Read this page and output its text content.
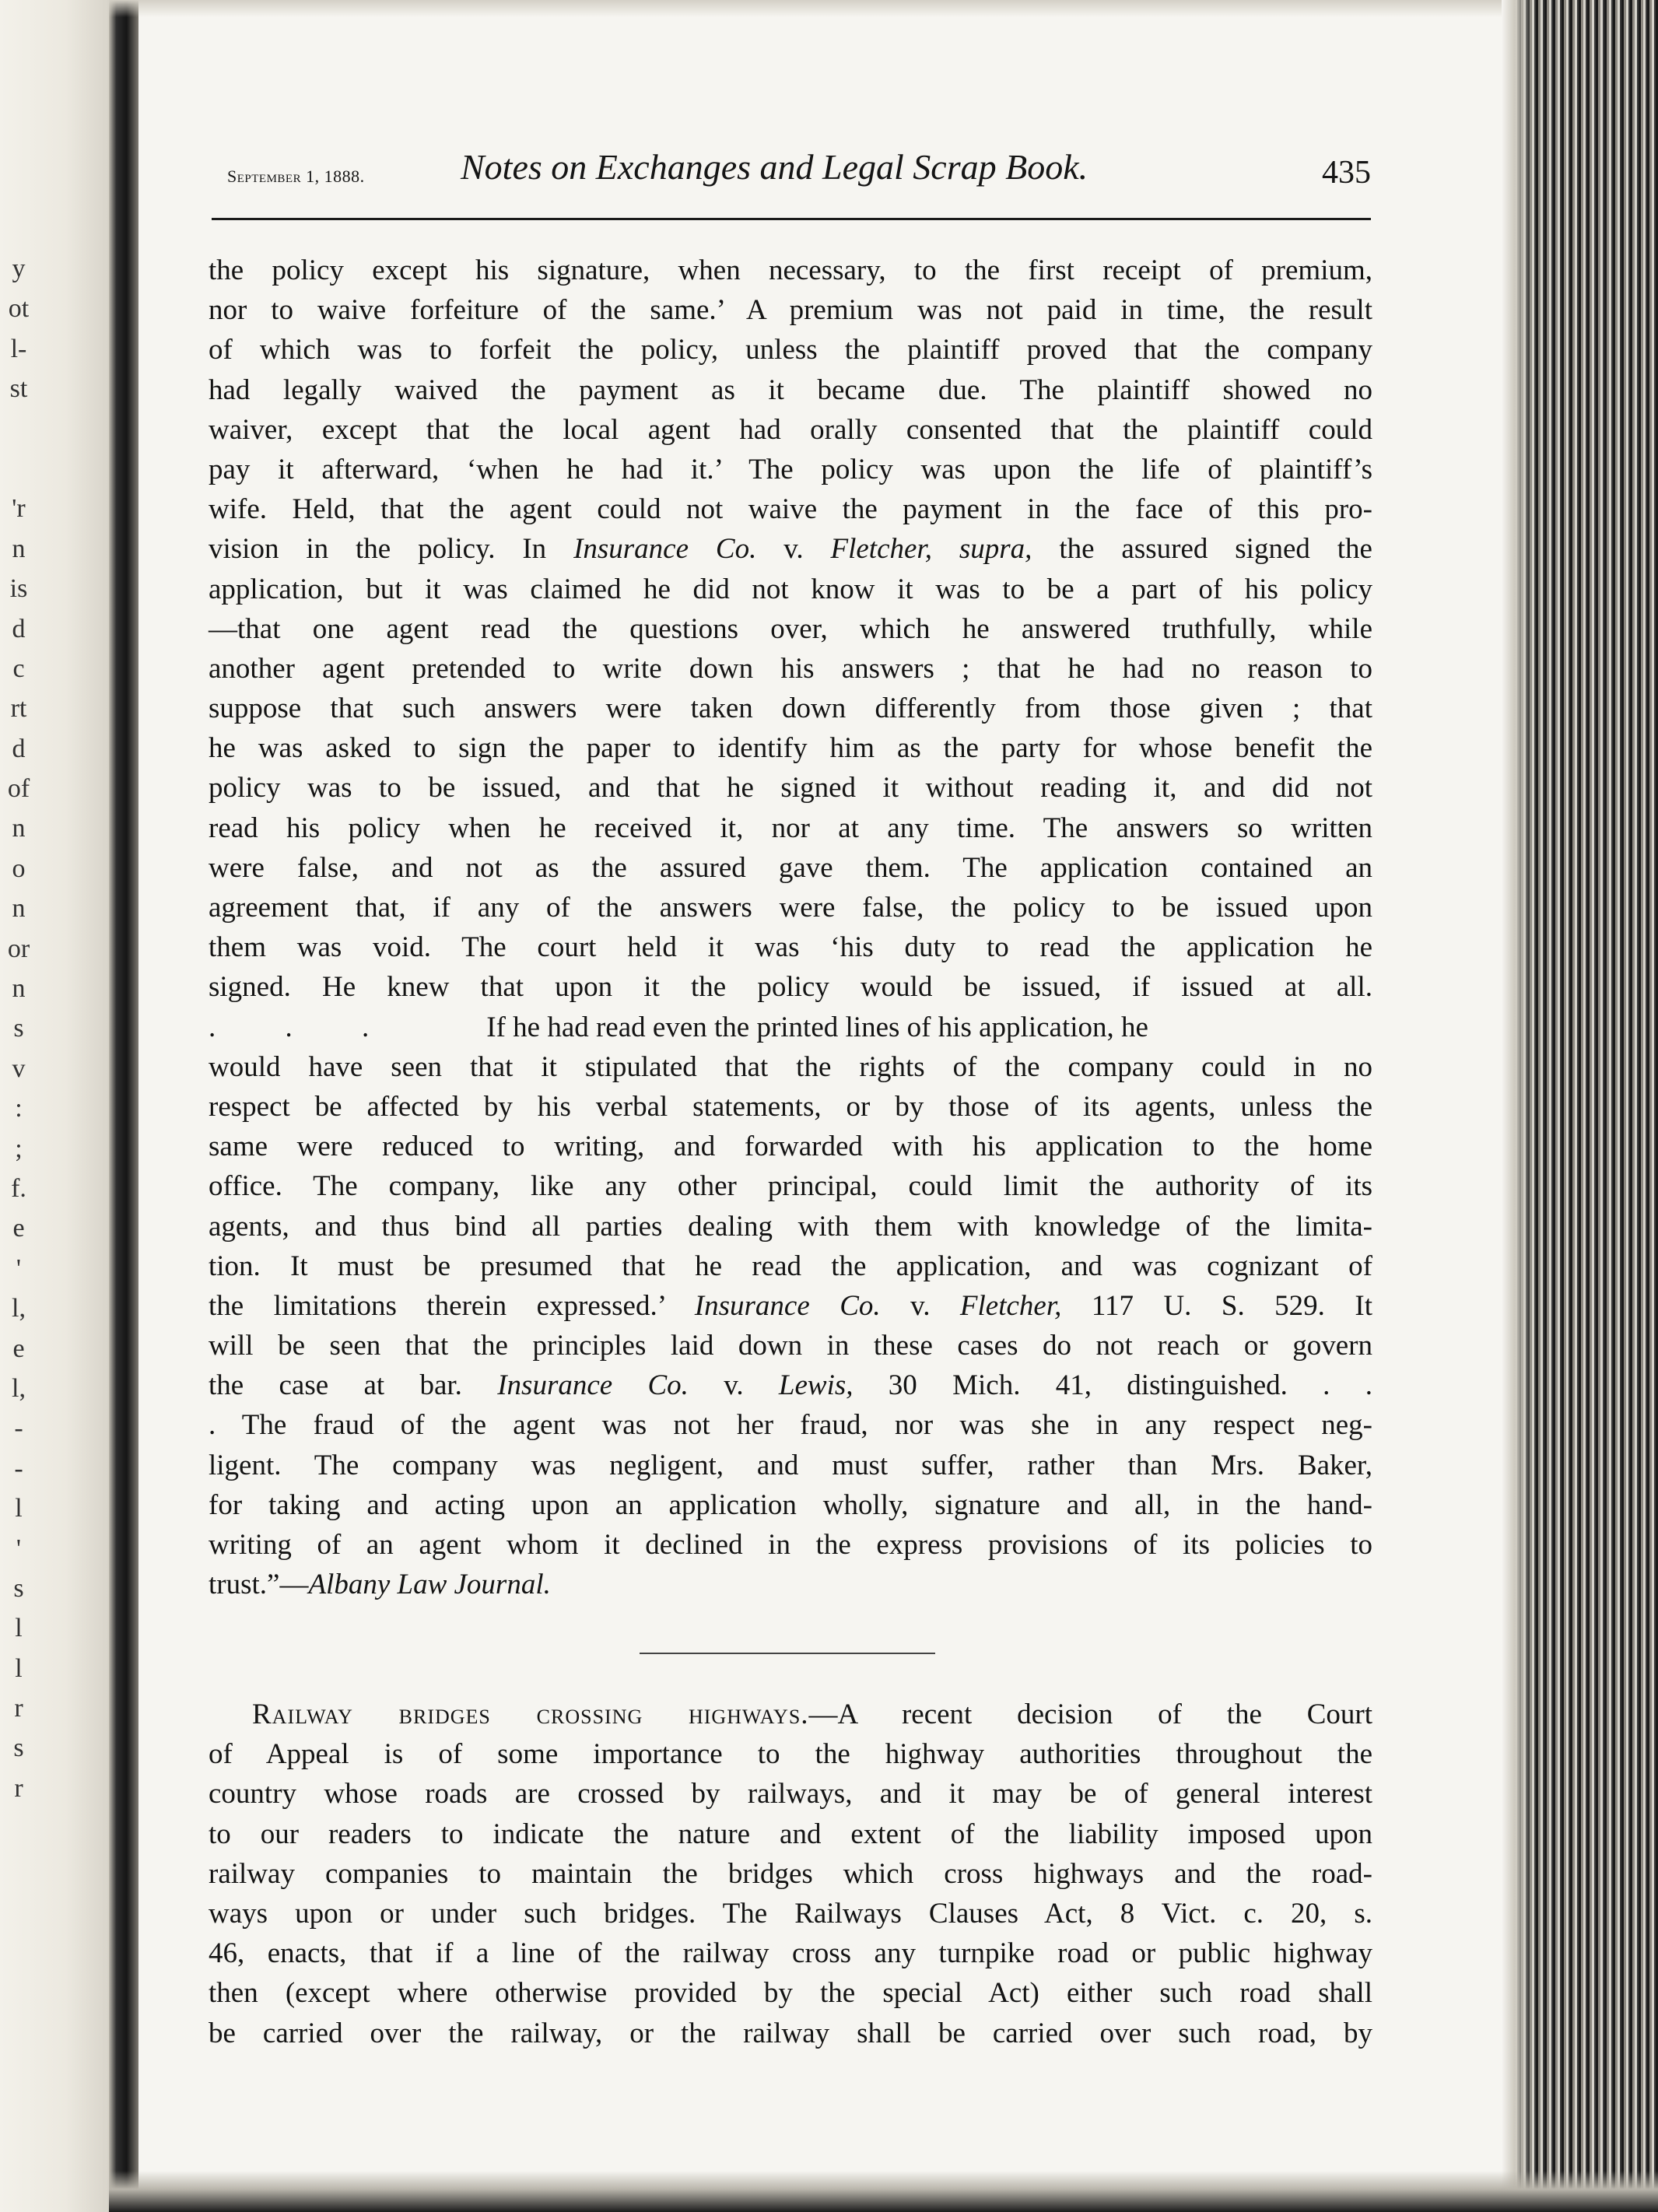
y
ot
l-
st
'r
n
is
d
c
rt
d
of
n
o
n
or
n
s
v
:
;
f.
e
'
l,
e
l,
-
-
l
'
s
l
l
r
s
r
September 1, 1888.	Notes on Exchanges and Legal Scrap Book.	435
the policy except his signature, when necessary, to the first receipt of premium,
nor to waive forfeiture of the same.’ A premium was not paid in time, the result
of which was to forfeit the policy, unless the plaintiff proved that the company
had legally waived the payment as it became due. The plaintiff showed no
waiver, except that the local agent had orally consented that the plaintiff could
pay it afterward, ‘when he had it.’ The policy was upon the life of plaintiff’s
wife. Held, that the agent could not waive the payment in the face of this pro-
vision in the policy. In Insurance Co. v. Fletcher, supra, the assured signed the
application, but it was claimed he did not know it was to be a part of his policy
—that one agent read the questions over, which he answered truthfully, while
another agent pretended to write down his answers ; that he had no reason to
suppose that such answers were taken down differently from those given ; that
he was asked to sign the paper to identify him as the party for whose benefit the
policy was to be issued, and that he signed it without reading it, and did not
read his policy when he received it, nor at any time. The answers so written
were false, and not as the assured gave them. The application contained an
agreement that, if any of the answers were false, the policy to be issued upon
them was void. The court held it was ‘his duty to read the application he
signed. He knew that upon it the policy would be issued, if issued at all.
. . .   	If he had read even the printed lines of his application, he
would have seen that it stipulated that the rights of the company could in no
respect be affected by his verbal statements, or by those of its agents, unless the
same were reduced to writing, and forwarded with his application to the home
office. The company, like any other principal, could limit the authority of its
agents, and thus bind all parties dealing with them with knowledge of the limita-
tion. It must be presumed that he read the application, and was cognizant of
the limitations therein expressed.’ Insurance Co. v. Fletcher, 117 U. S. 529. It
will be seen that the principles laid down in these cases do not reach or govern
the case at bar. Insurance Co. v. Lewis, 30 Mich. 41, distinguished. . .
. The fraud of the agent was not her fraud, nor was she in any respect neg-
ligent. The company was negligent, and must suffer, rather than Mrs. Baker,
for taking and acting upon an application wholly, signature and all, in the hand-
writing of an agent whom it declined in the express provisions of its policies to
trust.”—Albany Law Journal.
Railway bridges crossing highways.—A recent decision of the Court
of Appeal is of some importance to the highway authorities throughout the
country whose roads are crossed by railways, and it may be of general interest
to our readers to indicate the nature and extent of the liability imposed upon
railway companies to maintain the bridges which cross highways and the road-
ways upon or under such bridges. The Railways Clauses Act, 8 Vict. c. 20, s.
46, enacts, that if a line of the railway cross any turnpike road or public highway
then (except where otherwise provided by the special Act) either such road shall
be carried over the railway, or the railway shall be carried over such road, by
